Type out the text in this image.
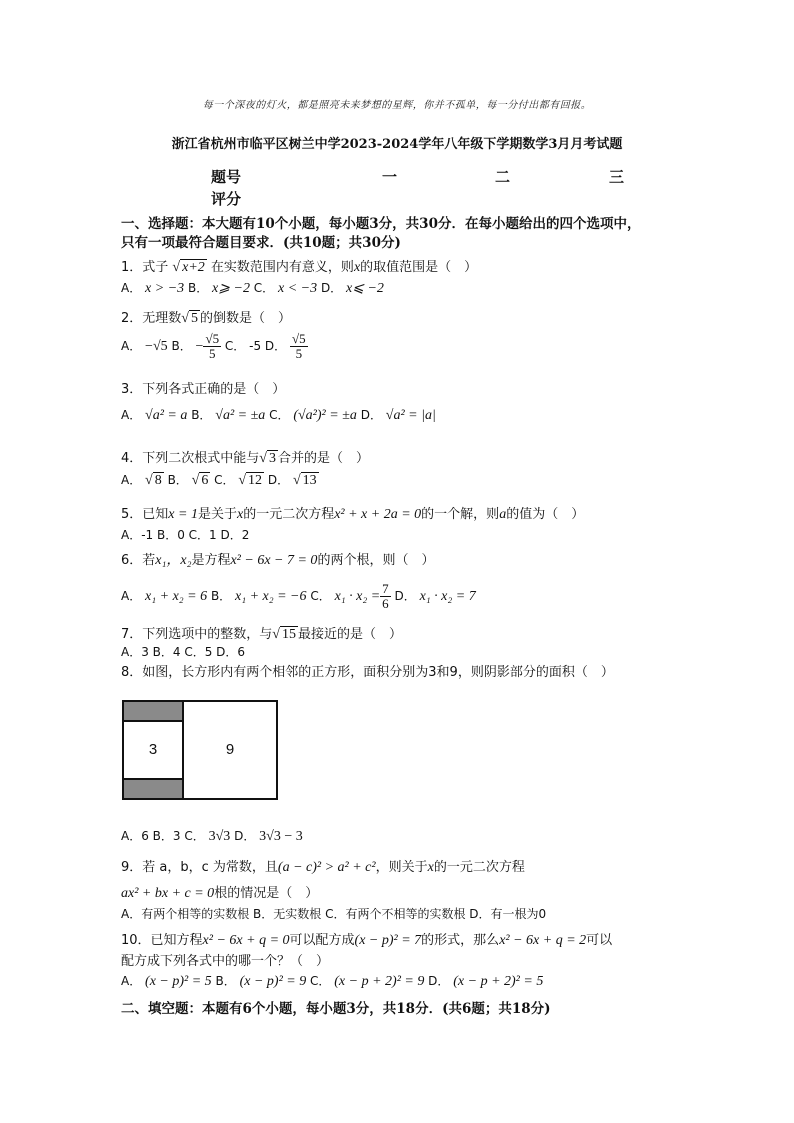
每一个深夜的灯火，都是照亮未来梦想的星辉，你并不孤单，每一分付出都有回报。
浙江省杭州市临平区树兰中学2023-2024学年八年级下学期数学3月月考试题
题号	一	二	三
评分
一、选择题：本大题有10个小题，每小题3分，共30分．在每小题给出的四个选项中，
只有一项最符合题目要求．(共10题；共30分)
1．式子 √ x+2 在实数范围内有意义，则x的取值范围是（　）
A． x > −3 B． x⩾ −2 C． x < −3 D． x⩽ −2
2．无理数√ 5 的倒数是（　）
A． −√5 B． − $\frac{√5}{5}$ C． -5 D． $\frac{√5}{5}$
3．下列各式正确的是（　）
A． √a² = a B． √a² = ±a C． (√a²)² = ±a D． √a² = |a|
4．下列二次根式中能与√ 3 合并的是（　）
A． √ 8 B． √ 6 C． √ 12 D． √ 13
5．已知x = 1是关于x的一元二次方程x² + x + 2a = 0的一个解，则a的值为（　）
A．-1 B．0 C．1 D．2
6．若x₁，x₂是方程x² − 6x − 7 = 0的两个根，则（　）
A． x₁ + x₂ = 6 B． x₁ + x₂ = −6 C． $x_1 \cdot x_2 = \frac{7}{6}$ D． x₁ · x₂ = 7
7．下列选项中的整数，与√ 15 最接近的是（　）
A．3 B．4 C．5 D．6
8．如图，长方形内有两个相邻的正方形，面积分别为3和9，则阴影部分的面积（　）
3	9
A．6 B．3 C． 3√3 D． 3√3 − 3
9．若 a，b，c 为常数，且(a − c)² > a² + c²，则关于x的一元二次方程
ax² + bx + c = 0根的情况是（　）
A．有两个相等的实数根 B．无实数根 C．有两个不相等的实数根 D．有一根为0
10．已知方程x² − 6x + q = 0可以配方成(x − p)² = 7的形式，那么x² − 6x + q = 2可以
配方成下列各式中的哪一个？（　）
A． (x − p)² = 5 B． (x − p)² = 9 C． (x − p + 2)² = 9 D． (x − p + 2)² = 5
二、填空题：本题有6个小题，每小题3分，共18分．(共6题；共18分)
